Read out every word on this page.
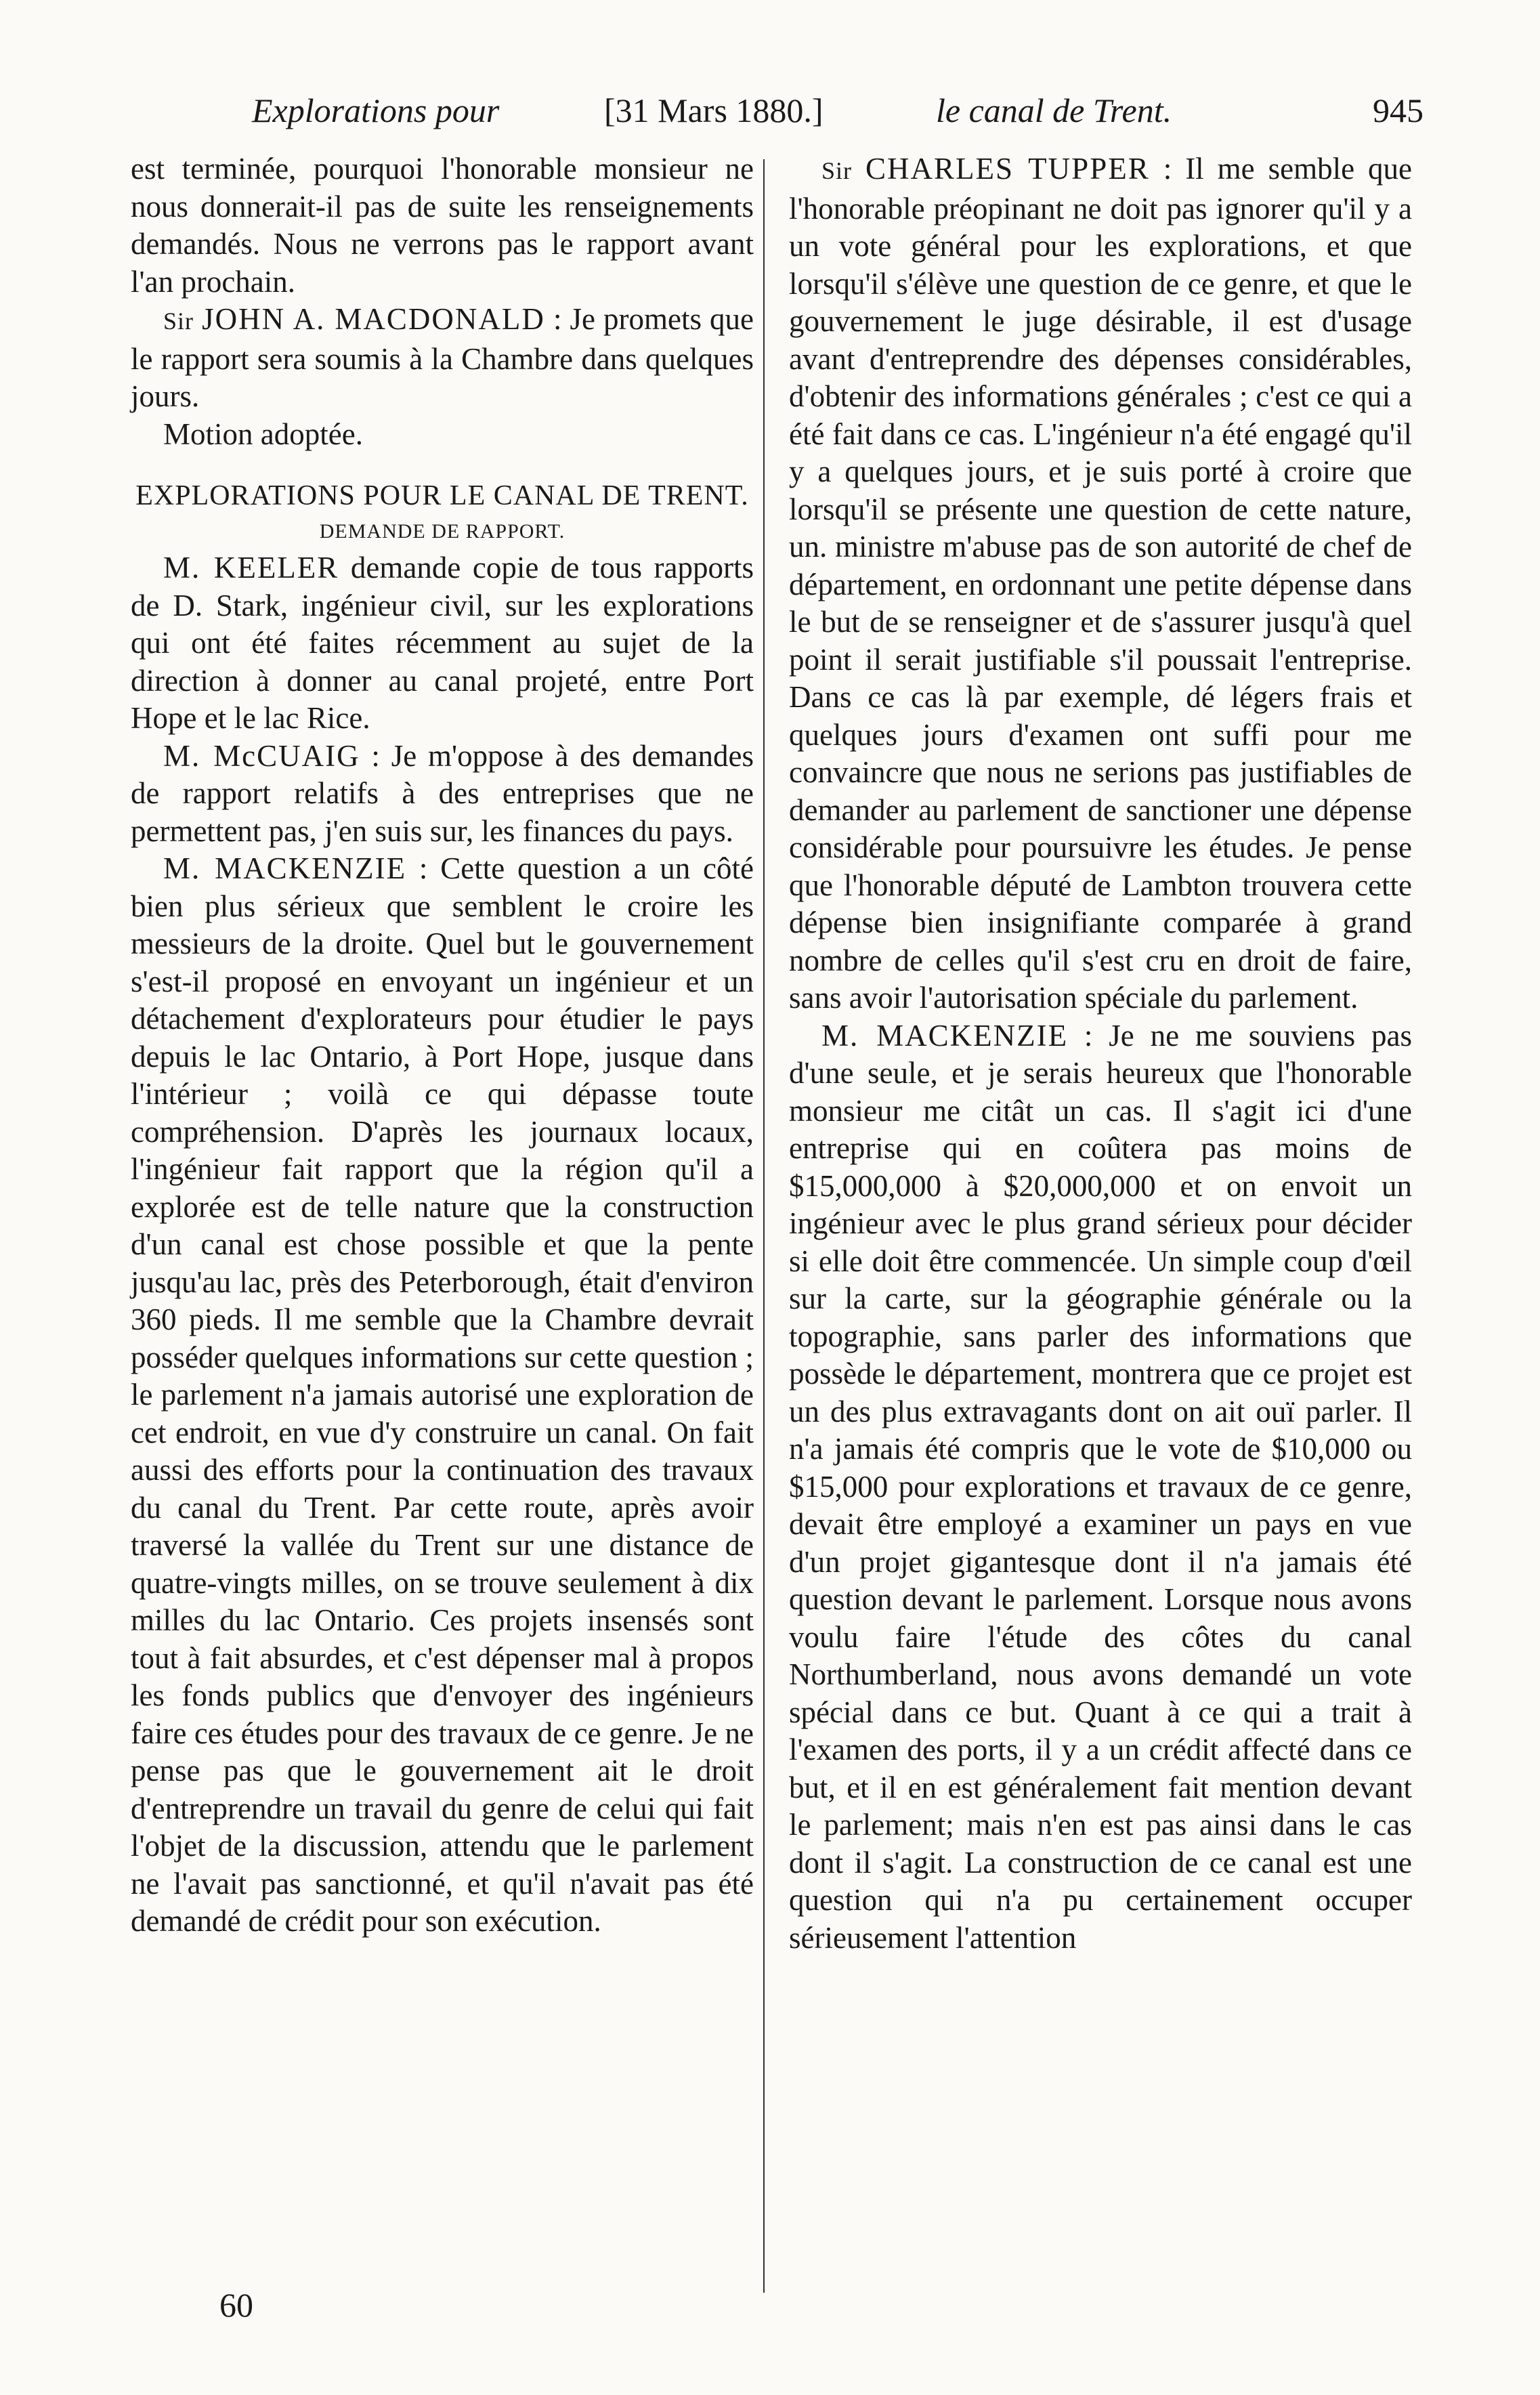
Explorations pour	[31 Mars 1880.]	le canal de Trent.	945

est terminée, pourquoi l'honorable monsieur ne nous donnerait-il pas de suite les renseignements demandés. Nous ne verrons pas le rapport avant l'an prochain.

Sir JOHN A. MACDONALD : Je promets que le rapport sera soumis à la Chambre dans quelques jours.

Motion adoptée.

EXPLORATIONS POUR LE CANAL DE TRENT.
DEMANDE DE RAPPORT.

M. KEELER demande copie de tous rapports de D. Stark, ingénieur civil, sur les explorations qui ont été faites récemment au sujet de la direction à donner au canal projeté, entre Port Hope et le lac Rice.

M. McCUAIG : Je m'oppose à des demandes de rapport relatifs à des entreprises que ne permettent pas, j'en suis sur, les finances du pays.

M. MACKENZIE : Cette question a un côté bien plus sérieux que semblent le croire les messieurs de la droite. Quel but le gouvernement s'est-il proposé en envoyant un ingénieur et un détachement d'explorateurs pour étudier le pays depuis le lac Ontario, à Port Hope, jusque dans l'intérieur ; voilà ce qui dépasse toute compréhension. D'après les journaux locaux, l'ingénieur fait rapport que la région qu'il a explorée est de telle nature que la construction d'un canal est chose possible et que la pente jusqu'au lac, près des Peterborough, était d'environ 360 pieds. Il me semble que la Chambre devrait posséder quelques informations sur cette question ; le parlement n'a jamais autorisé une exploration de cet endroit, en vue d'y construire un canal. On fait aussi des efforts pour la continuation des travaux du canal du Trent. Par cette route, après avoir traversé la vallée du Trent sur une distance de quatre-vingts milles, on se trouve seulement à dix milles du lac Ontario. Ces projets insensés sont tout à fait absurdes, et c'est dépenser mal à propos les fonds publics que d'envoyer des ingénieurs faire ces études pour des travaux de ce genre. Je ne pense pas que le gouvernement ait le droit d'entreprendre un travail du genre de celui qui fait l'objet de la discussion, attendu que le parlement ne l'avait pas sanctionné, et qu'il n'avait pas été demandé de crédit pour son exécution.

Sir CHARLES TUPPER : Il me semble que l'honorable préopinant ne doit pas ignorer qu'il y a un vote général pour les explorations, et que lorsqu'il s'élève une question de ce genre, et que le gouvernement le juge désirable, il est d'usage avant d'entreprendre des dépenses considérables, d'obtenir des informations générales ; c'est ce qui a été fait dans ce cas. L'ingénieur n'a été engagé qu'il y a quelques jours, et je suis porté à croire que lorsqu'il se présente une question de cette nature, un. ministre m'abuse pas de son autorité de chef de département, en ordonnant une petite dépense dans le but de se renseigner et de s'assurer jusqu'à quel point il serait justifiable s'il poussait l'entreprise. Dans ce cas là par exemple, dé légers frais et quelques jours d'examen ont suffi pour me convaincre que nous ne serions pas justifiables de demander au parlement de sanctioner une dépense considérable pour poursuivre les études. Je pense que l'honorable député de Lambton trouvera cette dépense bien insignifiante comparée à grand nombre de celles qu'il s'est cru en droit de faire, sans avoir l'autorisation spéciale du parlement.

M. MACKENZIE : Je ne me souviens pas d'une seule, et je serais heureux que l'honorable monsieur me citât un cas. Il s'agit ici d'une entreprise qui en coûtera pas moins de $15,000,000 à $20,000,000 et on envoit un ingénieur avec le plus grand sérieux pour décider si elle doit être commencée. Un simple coup d'œil sur la carte, sur la géographie générale ou la topographie, sans parler des informations que possède le département, montrera que ce projet est un des plus extravagants dont on ait ouï parler. Il n'a jamais été compris que le vote de $10,000 ou $15,000 pour explorations et travaux de ce genre, devait être employé a examiner un pays en vue d'un projet gigantesque dont il n'a jamais été question devant le parlement. Lorsque nous avons voulu faire l'étude des côtes du canal Northumberland, nous avons demandé un vote spécial dans ce but. Quant à ce qui a trait à l'examen des ports, il y a un crédit affecté dans ce but, et il en est généralement fait mention devant le parlement; mais n'en est pas ainsi dans le cas dont il s'agit. La construction de ce canal est une question qui n'a pu certainement occuper sérieusement l'attention

60
